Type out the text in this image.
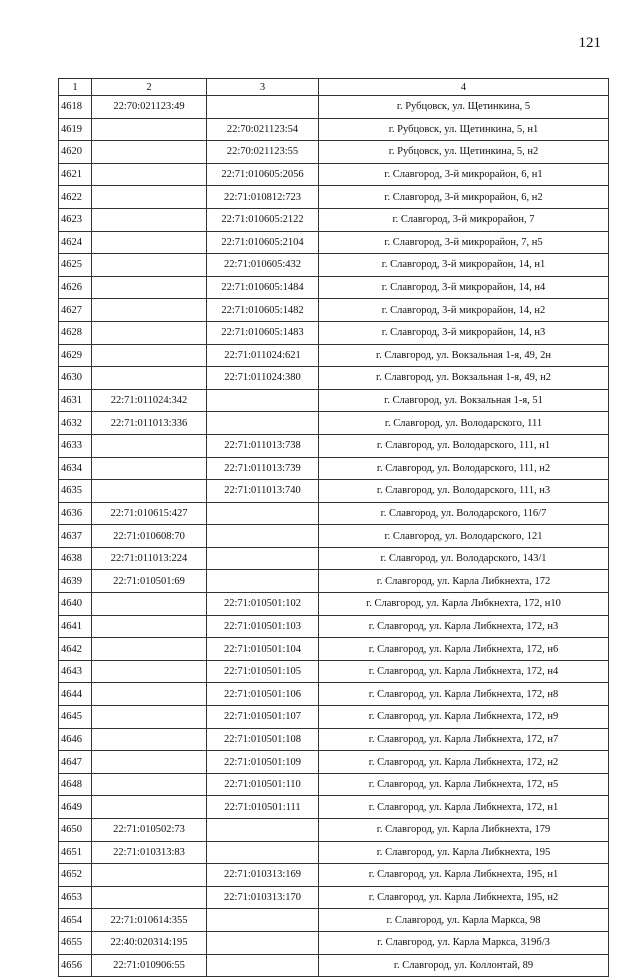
121
1	2	3	4
4618	22:70:021123:49		г. Рубцовск, ул. Щетинкина, 5
4619		22:70:021123:54	г. Рубцовск, ул. Щетинкина, 5, н1
4620		22:70:021123:55	г. Рубцовск, ул. Щетинкина, 5, н2
4621		22:71:010605:2056	г. Славгород, 3-й микрорайон, 6, н1
4622		22:71:010812:723	г. Славгород, 3-й микрорайон, 6, н2
4623		22:71:010605:2122	г. Славгород, 3-й микрорайон, 7
4624		22:71:010605:2104	г. Славгород, 3-й микрорайон, 7, н5
4625		22:71:010605:432	г. Славгород, 3-й микрорайон, 14, н1
4626		22:71:010605:1484	г. Славгород, 3-й микрорайон, 14, н4
4627		22:71:010605:1482	г. Славгород, 3-й микрорайон, 14, н2
4628		22:71:010605:1483	г. Славгород, 3-й микрорайон, 14, н3
4629		22:71:011024:621	г. Славгород, ул. Вокзальная 1-я, 49, 2н
4630		22:71:011024:380	г. Славгород, ул. Вокзальная 1-я, 49, н2
4631	22:71:011024:342		г. Славгород, ул. Вокзальная 1-я, 51
4632	22:71:011013:336		г. Славгород, ул. Володарского, 111
4633		22:71:011013:738	г. Славгород, ул. Володарского, 111, н1
4634		22:71:011013:739	г. Славгород, ул. Володарского, 111, н2
4635		22:71:011013:740	г. Славгород, ул. Володарского, 111, н3
4636	22:71:010615:427		г. Славгород, ул. Володарского, 116/7
4637	22:71:010608:70		г. Славгород, ул. Володарского, 121
4638	22:71:011013:224		г. Славгород, ул. Володарского, 143/1
4639	22:71:010501:69		г. Славгород, ул. Карла Либкнехта, 172
4640		22:71:010501:102	г. Славгород, ул. Карла Либкнехта, 172, н10
4641		22:71:010501:103	г. Славгород, ул. Карла Либкнехта, 172, н3
4642		22:71:010501:104	г. Славгород, ул. Карла Либкнехта, 172, н6
4643		22:71:010501:105	г. Славгород, ул. Карла Либкнехта, 172, н4
4644		22:71:010501:106	г. Славгород, ул. Карла Либкнехта, 172, н8
4645		22:71:010501:107	г. Славгород, ул. Карла Либкнехта, 172, н9
4646		22:71:010501:108	г. Славгород, ул. Карла Либкнехта, 172, н7
4647		22:71:010501:109	г. Славгород, ул. Карла Либкнехта, 172, н2
4648		22:71:010501:110	г. Славгород, ул. Карла Либкнехта, 172, н5
4649		22:71:010501:111	г. Славгород, ул. Карла Либкнехта, 172, н1
4650	22:71:010502:73		г. Славгород, ул. Карла Либкнехта, 179
4651	22:71:010313:83		г. Славгород, ул. Карла Либкнехта, 195
4652		22:71:010313:169	г. Славгород, ул. Карла Либкнехта, 195, н1
4653		22:71:010313:170	г. Славгород, ул. Карла Либкнехта, 195, н2
4654	22:71:010614:355		г. Славгород, ул. Карла Маркса, 98
4655	22:40:020314:195		г. Славгород, ул. Карла Маркса, 319б/3
4656	22:71:010906:55		г. Славгород, ул. Коллонтай, 89
